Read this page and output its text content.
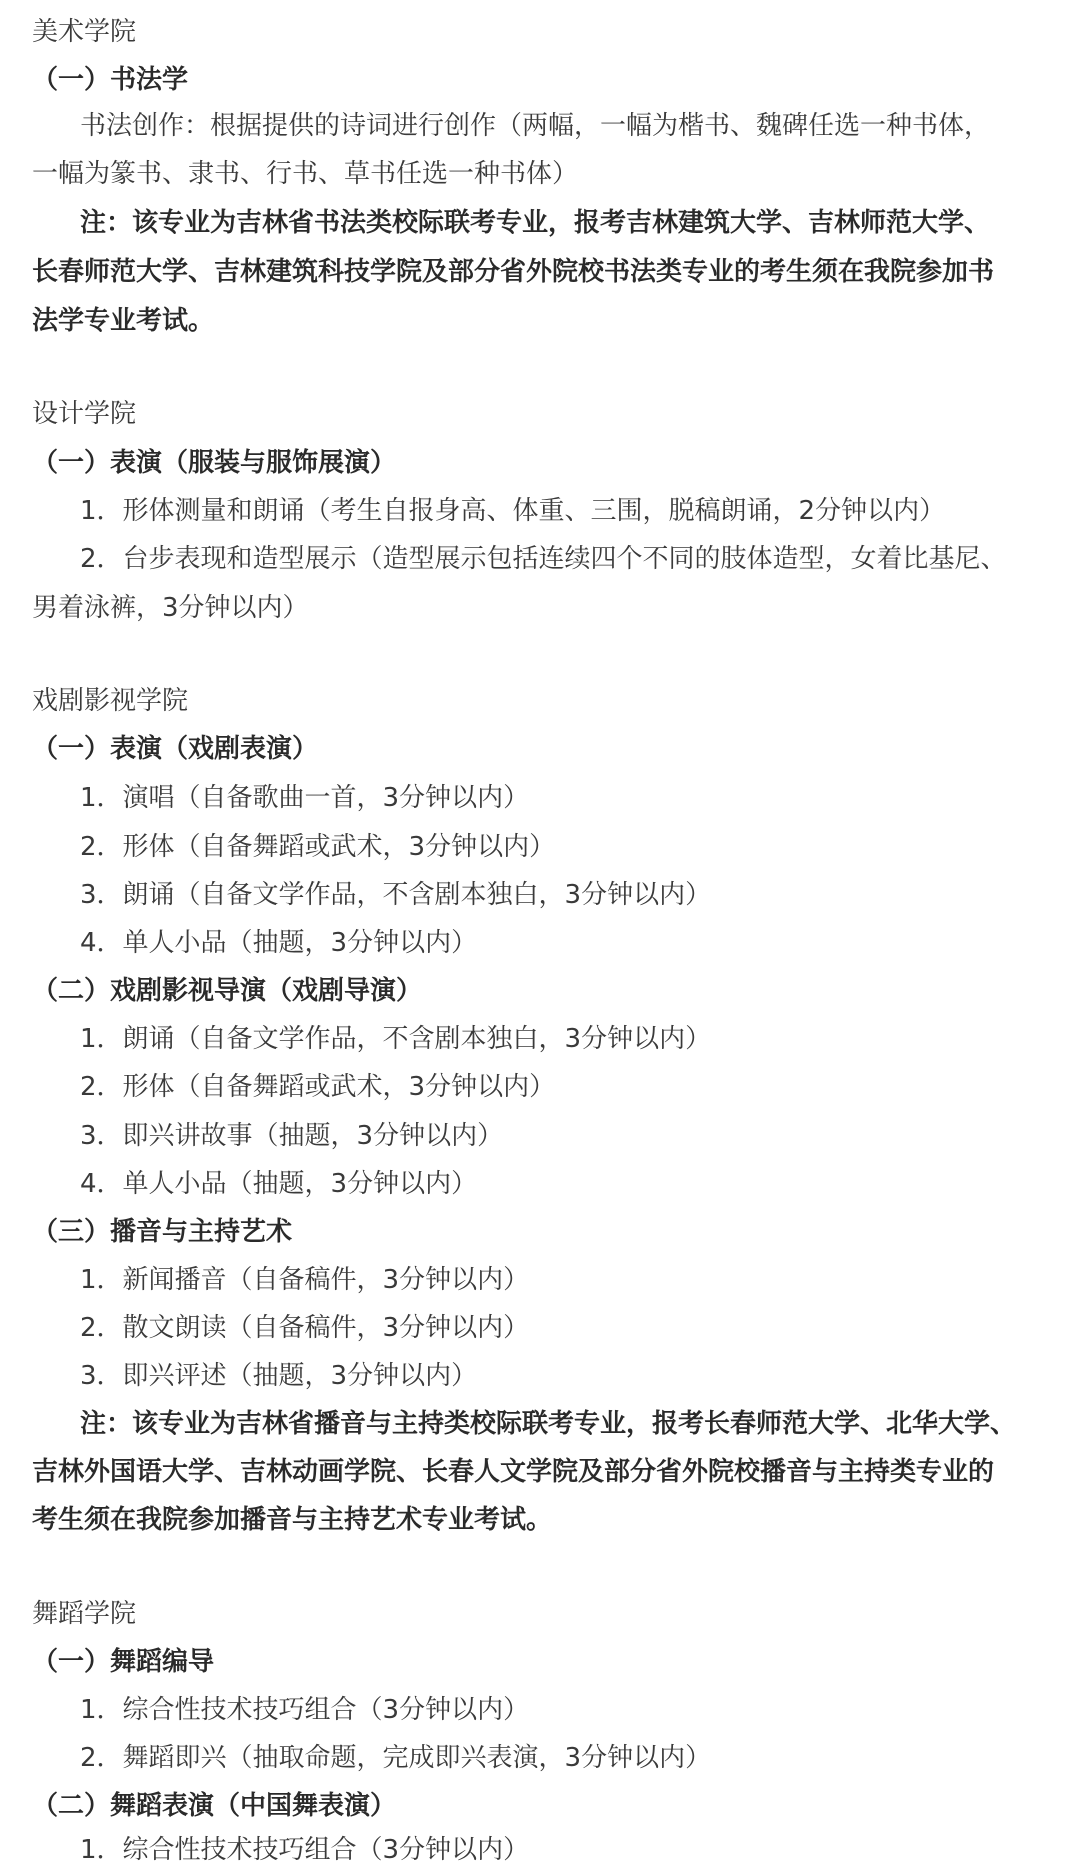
美术学院
（一）书法学
书法创作：根据提供的诗词进行创作（两幅，一幅为楷书、魏碑任选一种书体，
一幅为篆书、隶书、行书、草书任选一种书体）
注：该专业为吉林省书法类校际联考专业，报考吉林建筑大学、吉林师范大学、
长春师范大学、吉林建筑科技学院及部分省外院校书法类专业的考生须在我院参加书
法学专业考试。
设计学院
（一）表演（服装与服饰展演）
1．形体测量和朗诵（考生自报身高、体重、三围，脱稿朗诵，2分钟以内）
2．台步表现和造型展示（造型展示包括连续四个不同的肢体造型，女着比基尼、
男着泳裤，3分钟以内）
戏剧影视学院
（一）表演（戏剧表演）
1．演唱（自备歌曲一首，3分钟以内）
2．形体（自备舞蹈或武术，3分钟以内）
3．朗诵（自备文学作品，不含剧本独白，3分钟以内）
4．单人小品（抽题，3分钟以内）
（二）戏剧影视导演（戏剧导演）
1．朗诵（自备文学作品，不含剧本独白，3分钟以内）
2．形体（自备舞蹈或武术，3分钟以内）
3．即兴讲故事（抽题，3分钟以内）
4．单人小品（抽题，3分钟以内）
（三）播音与主持艺术
1．新闻播音（自备稿件，3分钟以内）
2．散文朗读（自备稿件，3分钟以内）
3．即兴评述（抽题，3分钟以内）
注：该专业为吉林省播音与主持类校际联考专业，报考长春师范大学、北华大学、
吉林外国语大学、吉林动画学院、长春人文学院及部分省外院校播音与主持类专业的
考生须在我院参加播音与主持艺术专业考试。
舞蹈学院
（一）舞蹈编导
1．综合性技术技巧组合（3分钟以内）
2．舞蹈即兴（抽取命题，完成即兴表演，3分钟以内）
（二）舞蹈表演（中国舞表演）
1．综合性技术技巧组合（3分钟以内）
